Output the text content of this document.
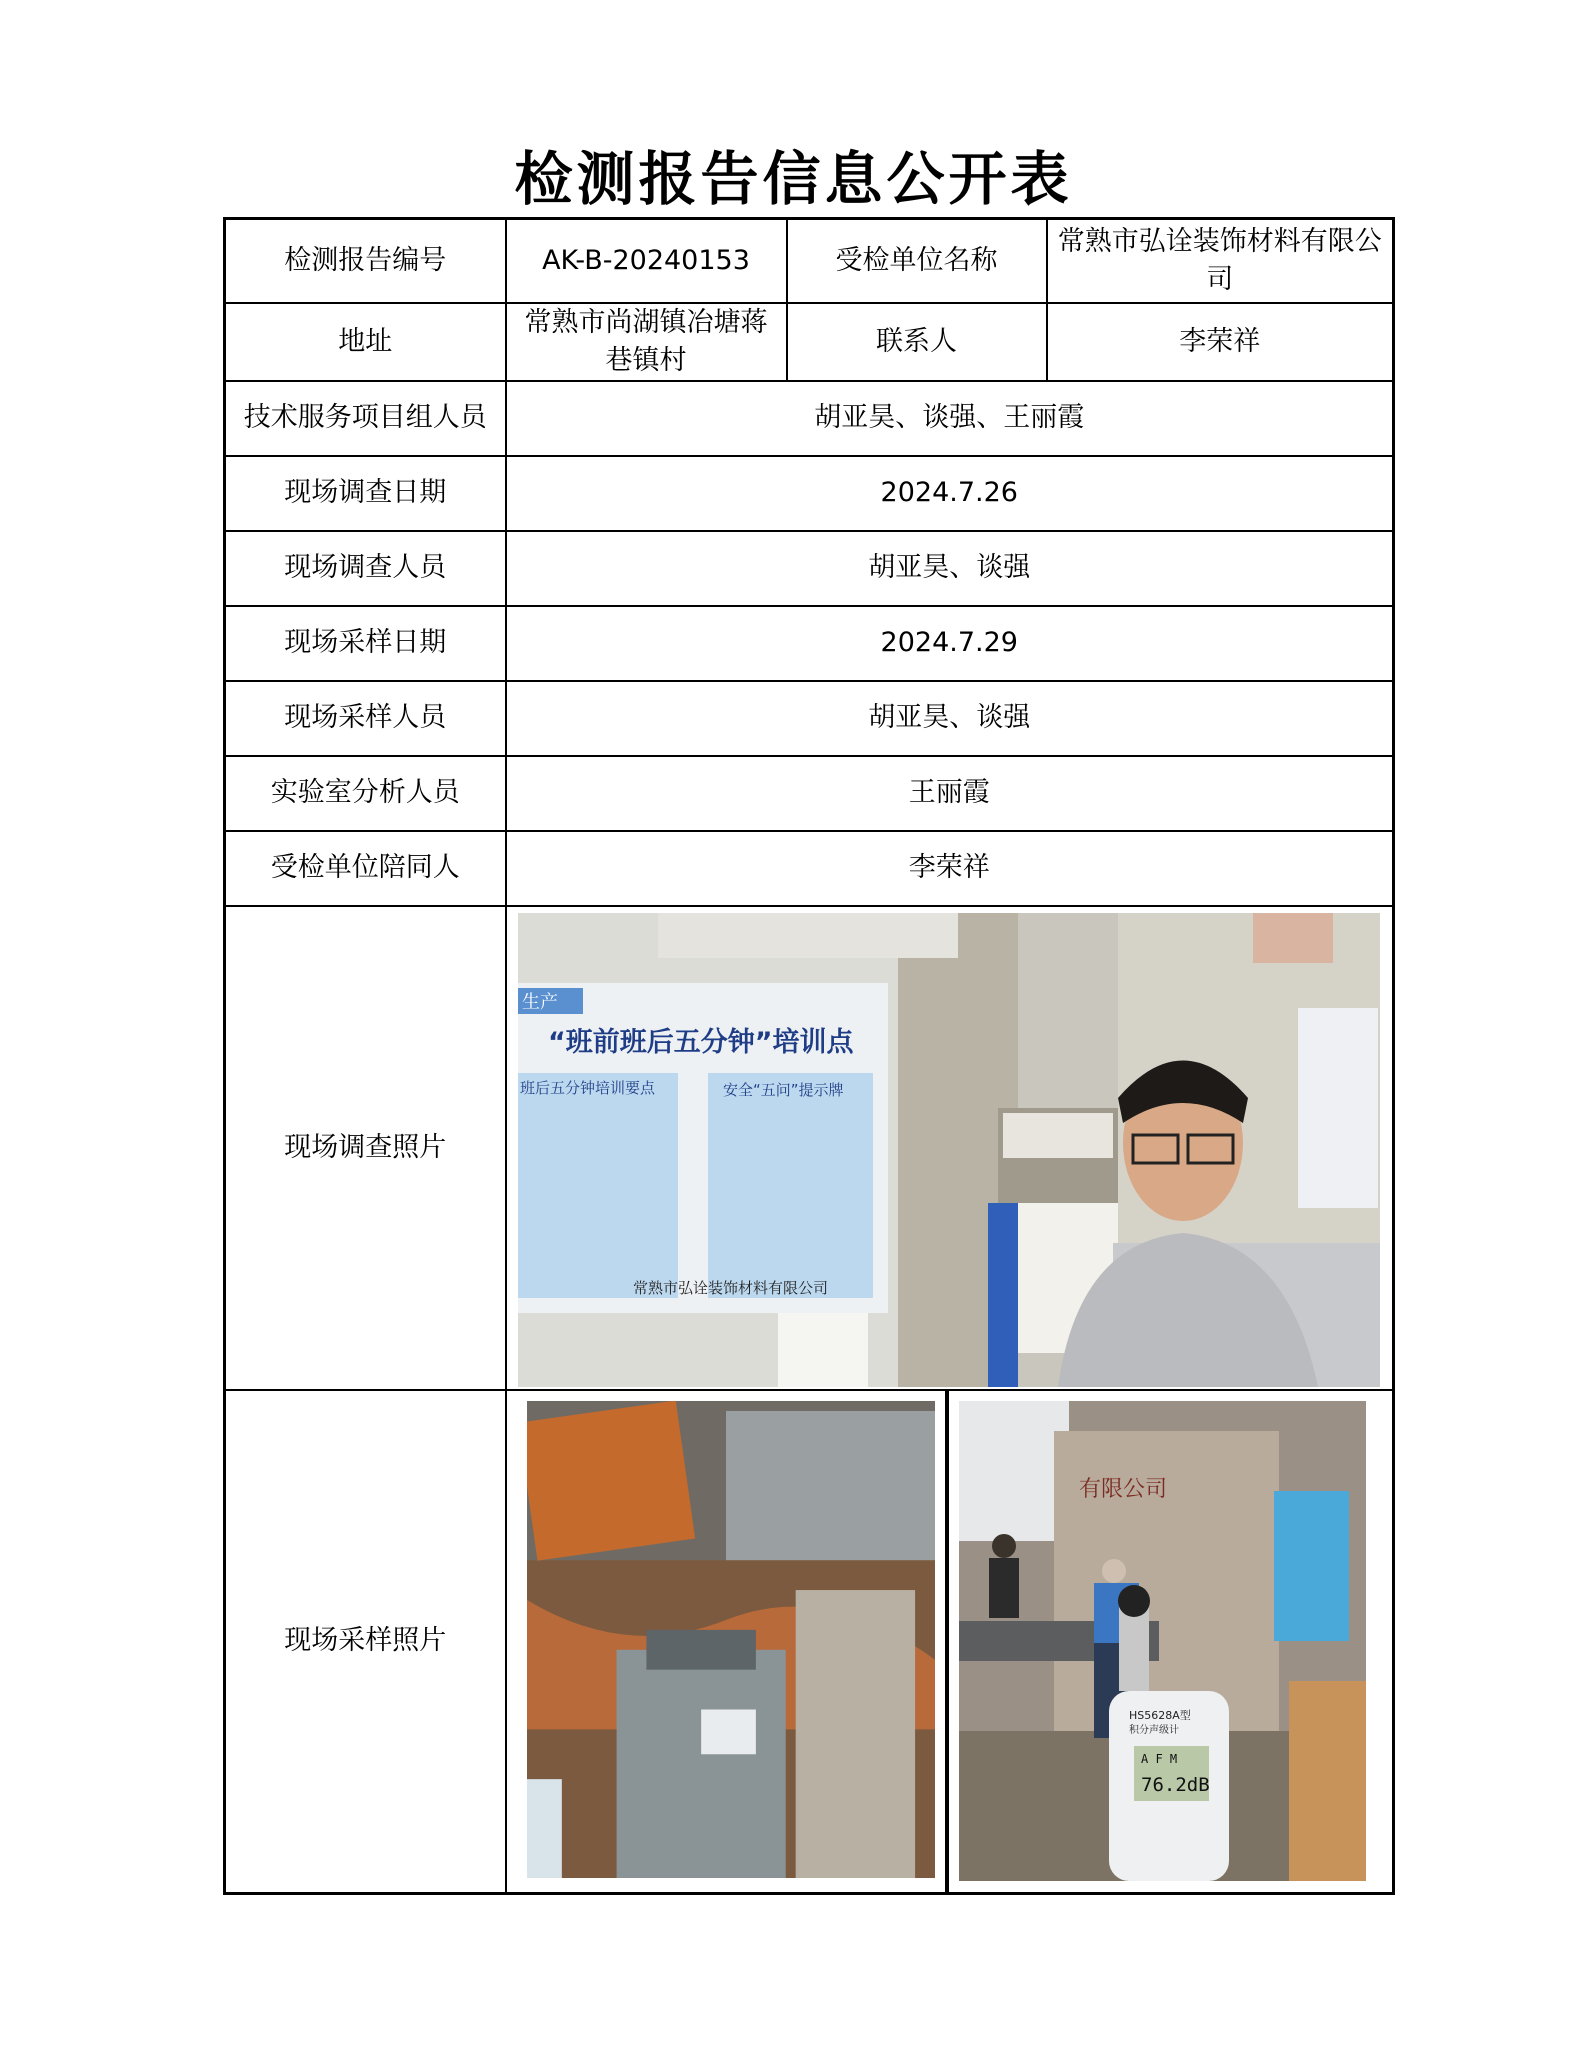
检测报告信息公开表
检测报告编号	AK-B-20240153	受检单位名称	常熟市弘诠装饰材料有限公司
地址	常熟市尚湖镇冶塘蒋巷镇村	联系人	李荣祥
技术服务项目组人员	胡亚昊、谈强、王丽霞		
现场调查日期	2024.7.26		
现场调查人员	胡亚昊、谈强		
现场采样日期	2024.7.29		
现场采样人员	胡亚昊、谈强		
实验室分析人员	王丽霞		
受检单位陪同人	李荣祥		
现场调查照片	生产
“班前班后五分钟”培训点
班后五分钟培训要点 安全“五问”提示牌
常熟市弘诠装饰材料有限公司		

现场采样照片	有限公司
HS5628A型
积分声级计
A F M
76.2dB		
